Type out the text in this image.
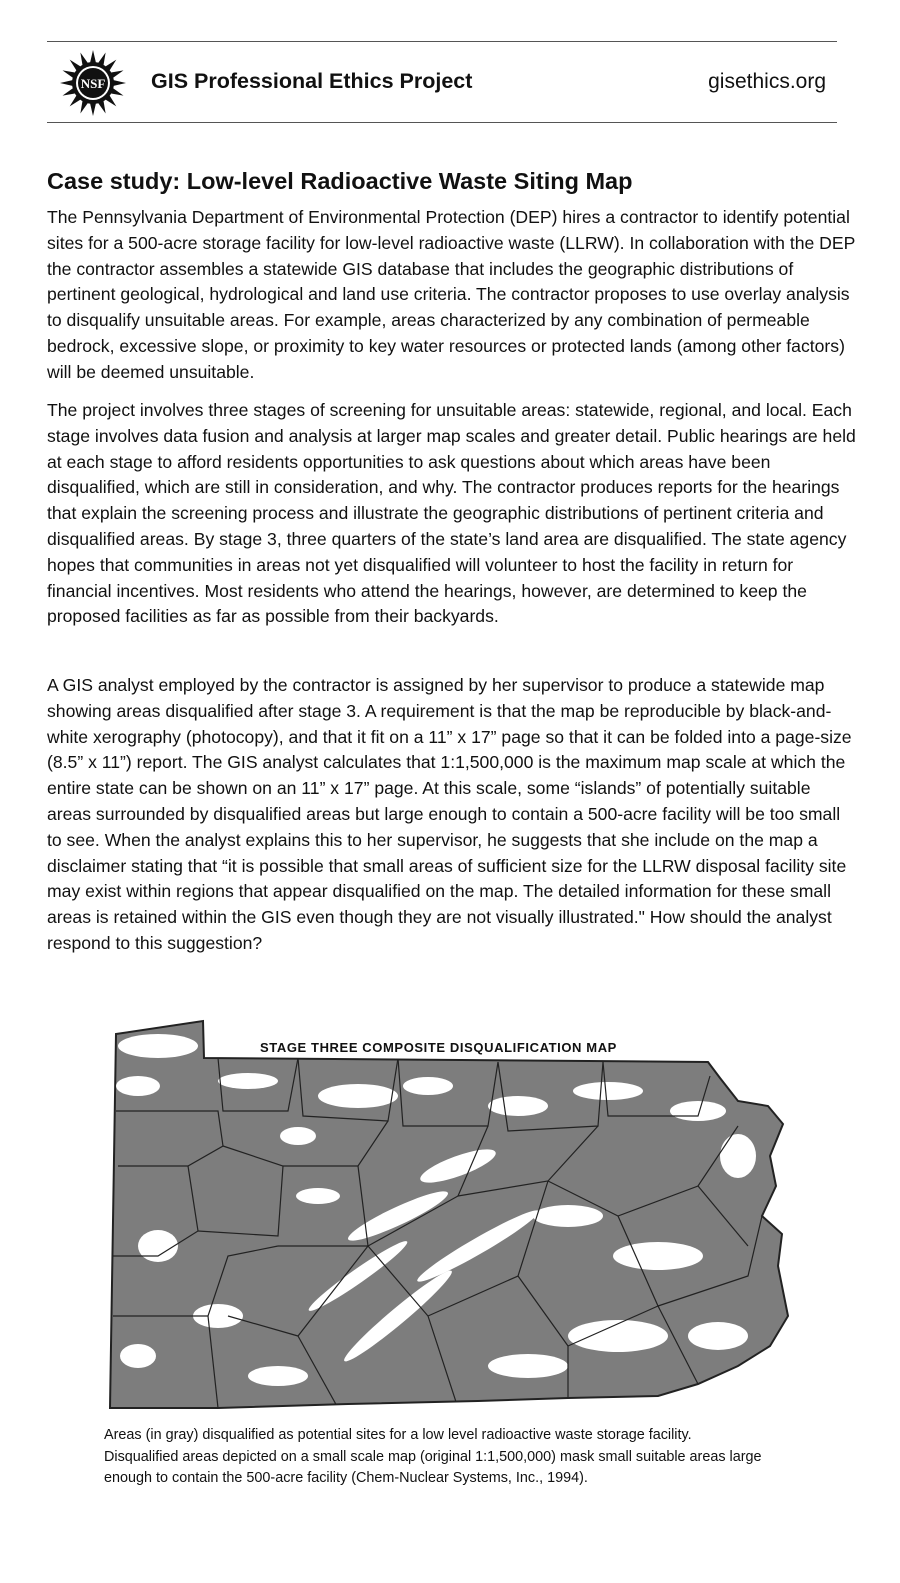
NSF GIS Professional Ethics Project	gisethics.org
Case study: Low-level Radioactive Waste Siting Map

The Pennsylvania Department of Environmental Protection (DEP) hires a contractor to identify potential sites for a 500-acre storage facility for low-level radioactive waste (LLRW). In collaboration with the DEP the contractor assembles a statewide GIS database that includes the geographic distributions of pertinent geological, hydrological and land use criteria. The contractor proposes to use overlay analysis to disqualify unsuitable areas. For example, areas characterized by any combination of permeable bedrock, excessive slope, or proximity to key water resources or protected lands (among other factors) will be deemed unsuitable.

The project involves three stages of screening for unsuitable areas: statewide, regional, and local. Each stage involves data fusion and analysis at larger map scales and greater detail. Public hearings are held at each stage to afford residents opportunities to ask questions about which areas have been disqualified, which are still in consideration, and why. The contractor produces reports for the hearings that explain the screening process and illustrate the geographic distributions of pertinent criteria and disqualified areas. By stage 3, three quarters of the state’s land area are disqualified. The state agency hopes that communities in areas not yet disqualified will volunteer to host the facility in return for financial incentives. Most residents who attend the hearings, however, are determined to keep the proposed facilities as far as possible from their backyards.

A GIS analyst employed by the contractor is assigned by her supervisor to produce a statewide map showing areas disqualified after stage 3. A requirement is that the map be reproducible by black-and-white xerography (photocopy), and that it fit on a 11” x 17” page so that it can be folded into a page-size (8.5” x 11”) report. The GIS analyst calculates that 1:1,500,000 is the maximum map scale at which the entire state can be shown on an 11” x 17” page. At this scale, some “islands” of potentially suitable areas surrounded by disqualified areas but large enough to contain a 500-acre facility will be too small to see. When the analyst explains this to her supervisor, he suggests that she include on the map a disclaimer stating that “it is possible that small areas of sufficient size for the LLRW disposal facility site may exist within regions that appear disqualified on the map. The detailed information for these small areas is retained within the GIS even though they are not visually illustrated." How should the analyst respond to this suggestion?

STAGE THREE COMPOSITE DISQUALIFICATION MAP

Areas (in gray) disqualified as potential sites for a low level radioactive waste storage facility.
Disqualified areas depicted on a small scale map (original 1:1,500,000) mask small suitable areas large
enough to contain the 500-acre facility (Chem-Nuclear Systems, Inc., 1994).
